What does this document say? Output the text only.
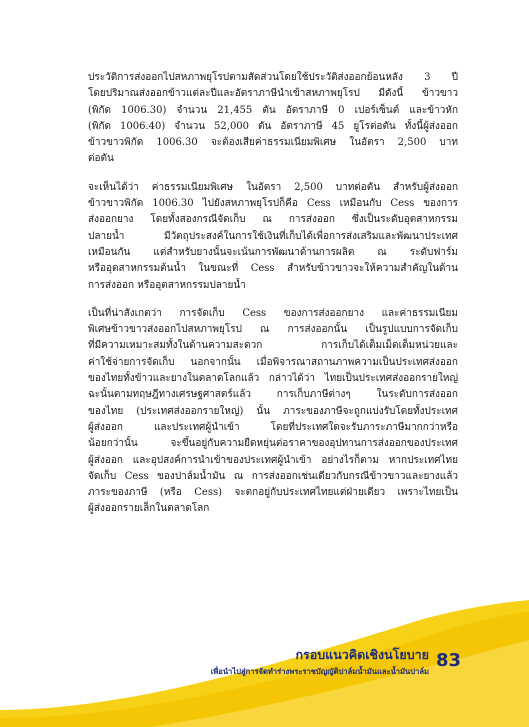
ประวัติการส่งออกไปสหภาพยุโรปตามสัดส่วนโดยใช้ประวัติส่งออกย้อนหลัง 3 ปี
โดยปริมาณส่งออกข้าวแต่ละปีและอัตราภาษีนำเข้าสหภาพยุโรป มีดังนี้ ข้าวขาว
(พิกัด 1006.30) จำนวน 21,455 ตัน อัตราภาษี 0 เปอร์เซ็นต์ และข้าวหัก
(พิกัด 1006.40) จำนวน 52,000 ตัน อัตราภาษี 45 ยูโรต่อตัน ทั้งนี้ผู้ส่งออก
ข้าวขาวพิกัด 1006.30 จะต้องเสียค่าธรรมเนียมพิเศษ ในอัตรา 2,500 บาท
ต่อตัน

จะเห็นได้ว่า ค่าธรรมเนียมพิเศษ ในอัตรา 2,500 บาทต่อตัน สำหรับผู้ส่งออก
ข้าวขาวพิกัด 1006.30 ไปยังสหภาพยุโรปก็คือ Cess เหมือนกับ Cess ของการ
ส่งออกยาง โดยทั้งสองกรณีจัดเก็บ ณ การส่งออก ซึ่งเป็นระดับอุตสาหกรรม
ปลายน้ำ มีวัตถุประสงค์ในการใช้เงินที่เก็บได้เพื่อการส่งเสริมและพัฒนาประเทศ
เหมือนกัน แต่สำหรับยางนั้นจะเน้นการพัฒนาด้านการผลิต ณ ระดับฟาร์ม
หรืออุตสาหกรรมต้นน้ำ ในขณะที่ Cess สำหรับข้าวขาวจะให้ความสำคัญในด้าน
การส่งออก หรืออุตสาหกรรมปลายน้ำ

เป็นที่น่าสังเกตว่า การจัดเก็บ Cess ของการส่งออกยาง และค่าธรรมเนียม
พิเศษข้าวขาวส่งออกไปสหภาพยุโรป ณ การส่งออกนั้น เป็นรูปแบบการจัดเก็บ
ที่มีความเหมาะสมทั้งในด้านความสะดวก การเก็บได้เต็มเม็ดเต็มหน่วยและ
ค่าใช้จ่ายการจัดเก็บ นอกจากนั้น เมื่อพิจารณาสถานภาพความเป็นประเทศส่งออก
ของไทยทั้งข้าวและยางในตลาดโลกแล้ว กล่าวได้ว่า ไทยเป็นประเทศส่งออกรายใหญ่
ฉะนั้นตามทฤษฎีทางเศรษฐศาสตร์แล้ว การเก็บภาษีต่างๆ ในระดับการส่งออก
ของไทย (ประเทศส่งออกรายใหญ่) นั้น ภาระของภาษีจะถูกแบ่งรับโดยทั้งประเทศ
ผู้ส่งออก และประเทศผู้นำเข้า โดยที่ประเทศใดจะรับภาระภาษีมากกว่าหรือ
น้อยกว่านั้น จะขึ้นอยู่กับความยืดหยุ่นต่อราคาของอุปทานการส่งออกของประเทศ
ผู้ส่งออก และอุปสงค์การนำเข้าของประเทศผู้นำเข้า อย่างไรก็ตาม หากประเทศไทย
จัดเก็บ Cess ของปาล์มน้ำมัน ณ การส่งออกเช่นเดียวกับกรณีข้าวขาวและยางแล้ว
ภาระของภาษี (หรือ Cess) จะตกอยู่กับประเทศไทยแต่ฝ่ายเดียว เพราะไทยเป็น
ผู้ส่งออกรายเล็กในตลาดโลก

กรอบแนวคิดเชิงนโยบาย
เพื่อนำไปสู่การจัดทำร่างพระราชบัญญัติปาล์มน้ำมันและน้ำมันปาล์ม
83
